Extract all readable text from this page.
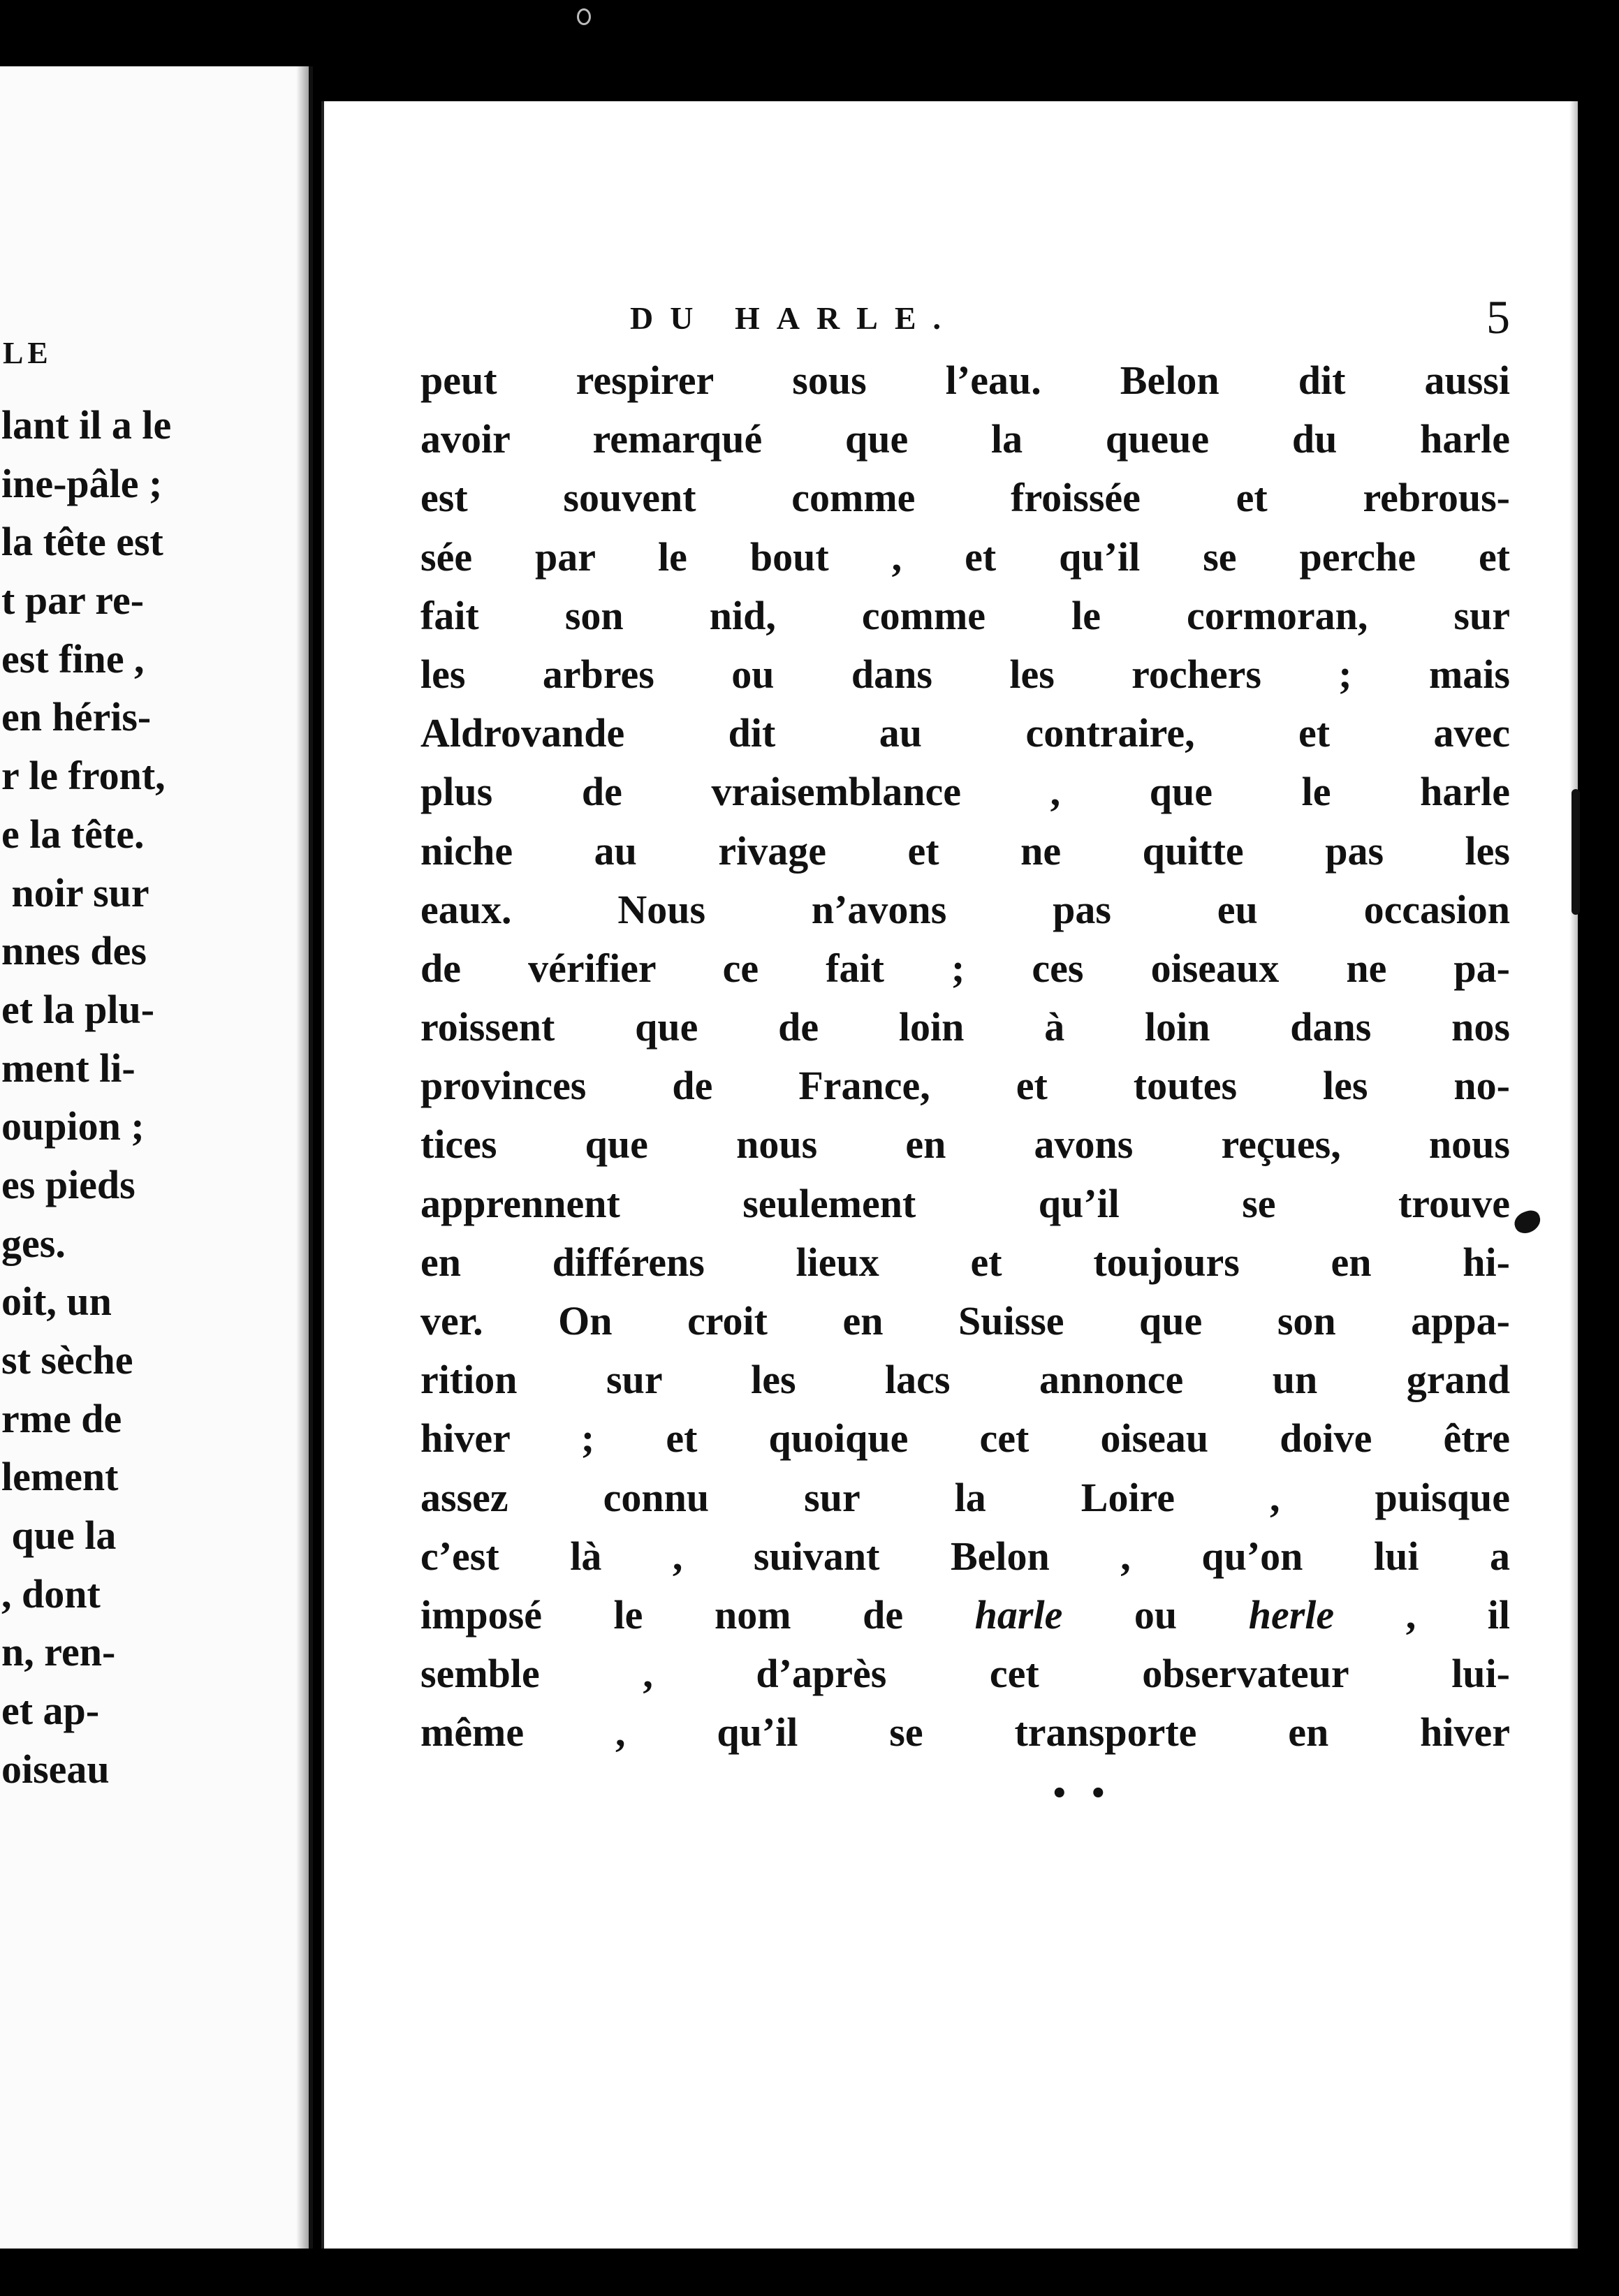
LE
lant il a le
ine-pâle ;
la tête est
t par re-
est fine ,
en héris-
r le front,
e la tête.
noir sur
nnes des
et la plu-
ment li-
oupion ;
es pieds
ges.
oit, un
st sèche
rme de
lement
que la
, dont
n, ren-
et ap-
oiseau
DU HARLE.	5
peut respirer sous l’eau. Belon dit aussi
avoir remarqué que la queue du harle
est souvent comme froissée et rebrous-
sée par le bout , et qu’il se perche et
fait son nid, comme le cormoran, sur
les arbres ou dans les rochers ; mais
Aldrovande dit au contraire, et avec
plus de vraisemblance , que le harle
niche au rivage et ne quitte pas les
eaux. Nous n’avons pas eu occasion
de vérifier ce fait ; ces oiseaux ne pa-
roissent que de loin à loin dans nos
provinces de France, et toutes les no-
tices que nous en avons reçues, nous
apprennent seulement qu’il se trouve
en différens lieux et toujours en hi-
ver. On croit en Suisse que son appa-
rition sur les lacs annonce un grand
hiver ; et quoique cet oiseau doive être
assez connu sur la Loire , puisque
c’est là , suivant Belon , qu’on lui a
imposé le nom de harle ou herle , il
semble , d’après cet observateur lui-
même , qu’il se transporte en hiver
• •
